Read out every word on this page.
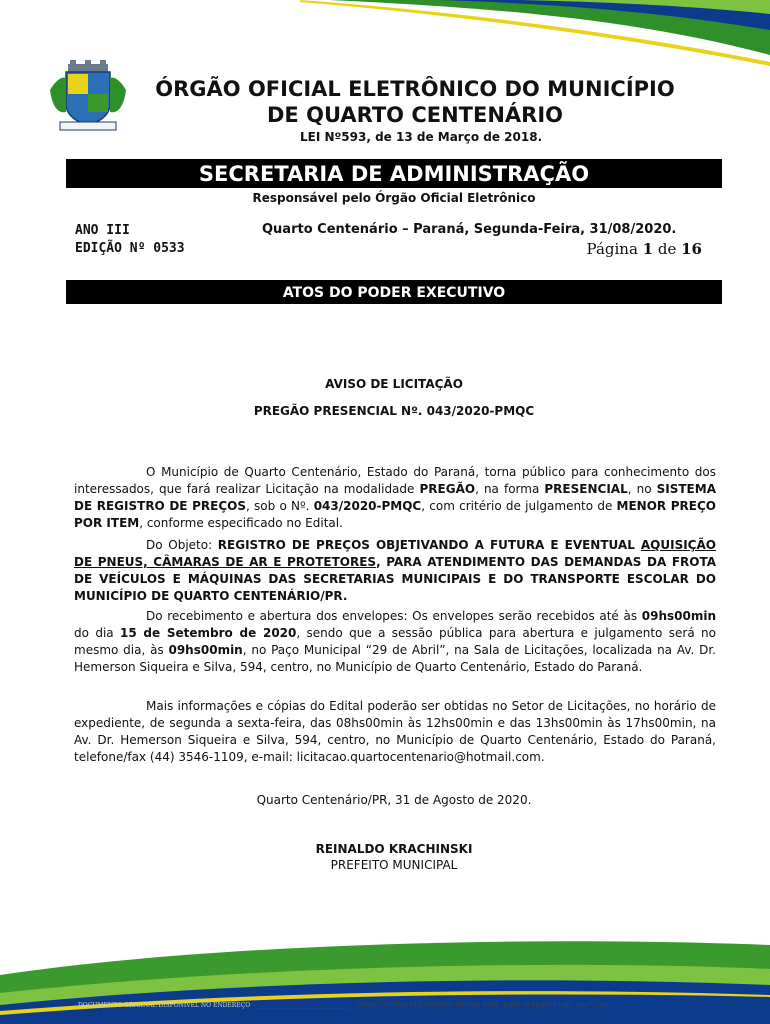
ÓRGÃO OFICIAL ELETRÔNICO DO MUNICÍPIO
DE QUARTO CENTENÁRIO
LEI Nº593, de 13 de Março de 2018.
SECRETARIA DE ADMINISTRAÇÃO
Responsável pelo Órgão Oficial Eletrônico
ANO III
EDIÇÃO Nº 0533
Quarto Centenário – Paraná, Segunda-Feira, 31/08/2020.
Página 1 de 16
ATOS DO PODER EXECUTIVO
AVISO DE LICITAÇÃO
PREGÃO PRESENCIAL Nº. 043/2020-PMQC
O Município de Quarto Centenário, Estado do Paraná, torna público para conhecimento dos interessados, que fará realizar Licitação na modalidade PREGÃO, na forma PRESENCIAL, no SISTEMA DE REGISTRO DE PREÇOS, sob o Nº. 043/2020-PMQC, com critério de julgamento de MENOR PREÇO POR ITEM, conforme especificado no Edital.
Do Objeto: REGISTRO DE PREÇOS OBJETIVANDO A FUTURA E EVENTUAL AQUISIÇÃO DE PNEUS, CÂMARAS DE AR E PROTETORES, PARA ATENDIMENTO DAS DEMANDAS DA FROTA DE VEÍCULOS E MÁQUINAS DAS SECRETARIAS MUNICIPAIS E DO TRANSPORTE ESCOLAR DO MUNICÍPIO DE QUARTO CENTENÁRIO/PR.
Do recebimento e abertura dos envelopes: Os envelopes serão recebidos até às 09hs00min do dia 15 de Setembro de 2020, sendo que a sessão pública para abertura e julgamento será no mesmo dia, às 09hs00min, no Paço Municipal “29 de Abril”, na Sala de Licitações, localizada na Av. Dr. Hemerson Siqueira e Silva, 594, centro, no Município de Quarto Centenário, Estado do Paraná.
Mais informações e cópias do Edital poderão ser obtidas no Setor de Licitações, no horário de expediente, de segunda a sexta-feira, das 08hs00min às 12hs00min e das 13hs00min às 17hs00min, na Av. Dr. Hemerson Siqueira e Silva, 594, centro, no Município de Quarto Centenário, Estado do Paraná, telefone/fax (44) 3546-1109, e-mail: licitacao.quartocentenario@hotmail.com.
Quarto Centenário/PR, 31 de Agosto de 2020.
REINALDO KRACHINSKI
PREFEITO MUNICIPAL
DOCUMENTO ORIGINAL DISPONÍVEL NO ENDEREÇO www.quartocentenario.pr.gov.br - ORGAO OFICIAL ELETRONICO EDICAO 0533 - DATA 31.08.2020 (pdf - tipo * p7s)
